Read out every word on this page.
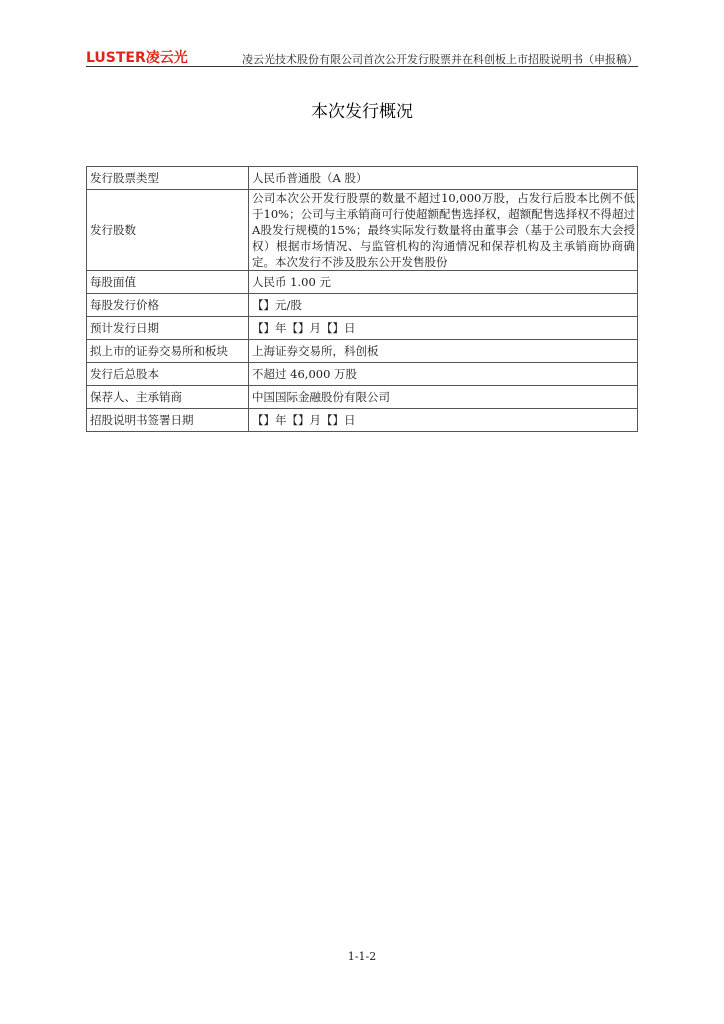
LUSTER凌云光	凌云光技术股份有限公司首次公开发行股票并在科创板上市招股说明书（申报稿）
本次发行概况
发行股票类型	人民币普通股（A 股）
发行股数	公司本次公开发行股票的数量不超过10,000万股，占发行后股本比例不低于10%；公司与主承销商可行使超额配售选择权，超额配售选择权不得超过A股发行规模的15%；最终实际发行数量将由董事会（基于公司股东大会授权）根据市场情况、与监管机构的沟通情况和保荐机构及主承销商协商确定。本次发行不涉及股东公开发售股份
每股面值	人民币 1.00 元
每股发行价格	【】元/股
预计发行日期	【】年【】月【】日
拟上市的证券交易所和板块	上海证券交易所，科创板
发行后总股本	不超过 46,000 万股
保荐人、主承销商	中国国际金融股份有限公司
招股说明书签署日期	【】年【】月【】日
1-1-2
